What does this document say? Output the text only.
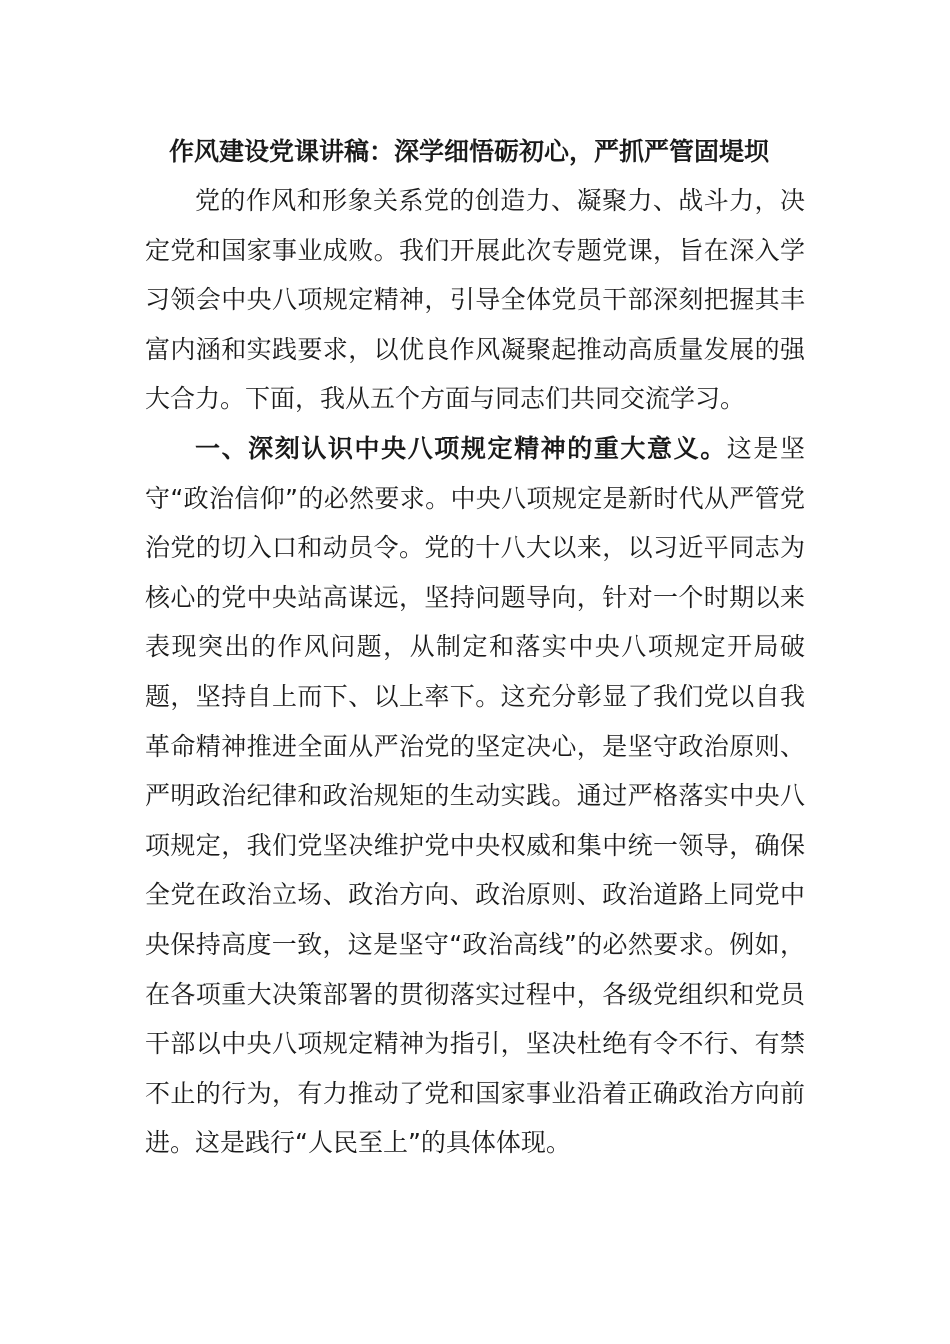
作风建设党课讲稿：深学细悟砺初心，严抓严管固堤坝

党的作风和形象关系党的创造力、凝聚力、战斗力，决定党和国家事业成败。我们开展此次专题党课，旨在深入学习领会中央八项规定精神，引导全体党员干部深刻把握其丰富内涵和实践要求，以优良作风凝聚起推动高质量发展的强大合力。下面，我从五个方面与同志们共同交流学习。

一、深刻认识中央八项规定精神的重大意义。这是坚守“政治信仰”的必然要求。中央八项规定是新时代从严管党治党的切入口和动员令。党的十八大以来，以习近平同志为核心的党中央站高谋远，坚持问题导向，针对一个时期以来表现突出的作风问题，从制定和落实中央八项规定开局破题，坚持自上而下、以上率下。这充分彰显了我们党以自我革命精神推进全面从严治党的坚定决心，是坚守政治原则、严明政治纪律和政治规矩的生动实践。通过严格落实中央八项规定，我们党坚决维护党中央权威和集中统一领导，确保全党在政治立场、政治方向、政治原则、政治道路上同党中央保持高度一致，这是坚守“政治高线”的必然要求。例如，在各项重大决策部署的贯彻落实过程中，各级党组织和党员干部以中央八项规定精神为指引，坚决杜绝有令不行、有禁不止的行为，有力推动了党和国家事业沿着正确政治方向前进。这是践行“人民至上”的具体体现。
